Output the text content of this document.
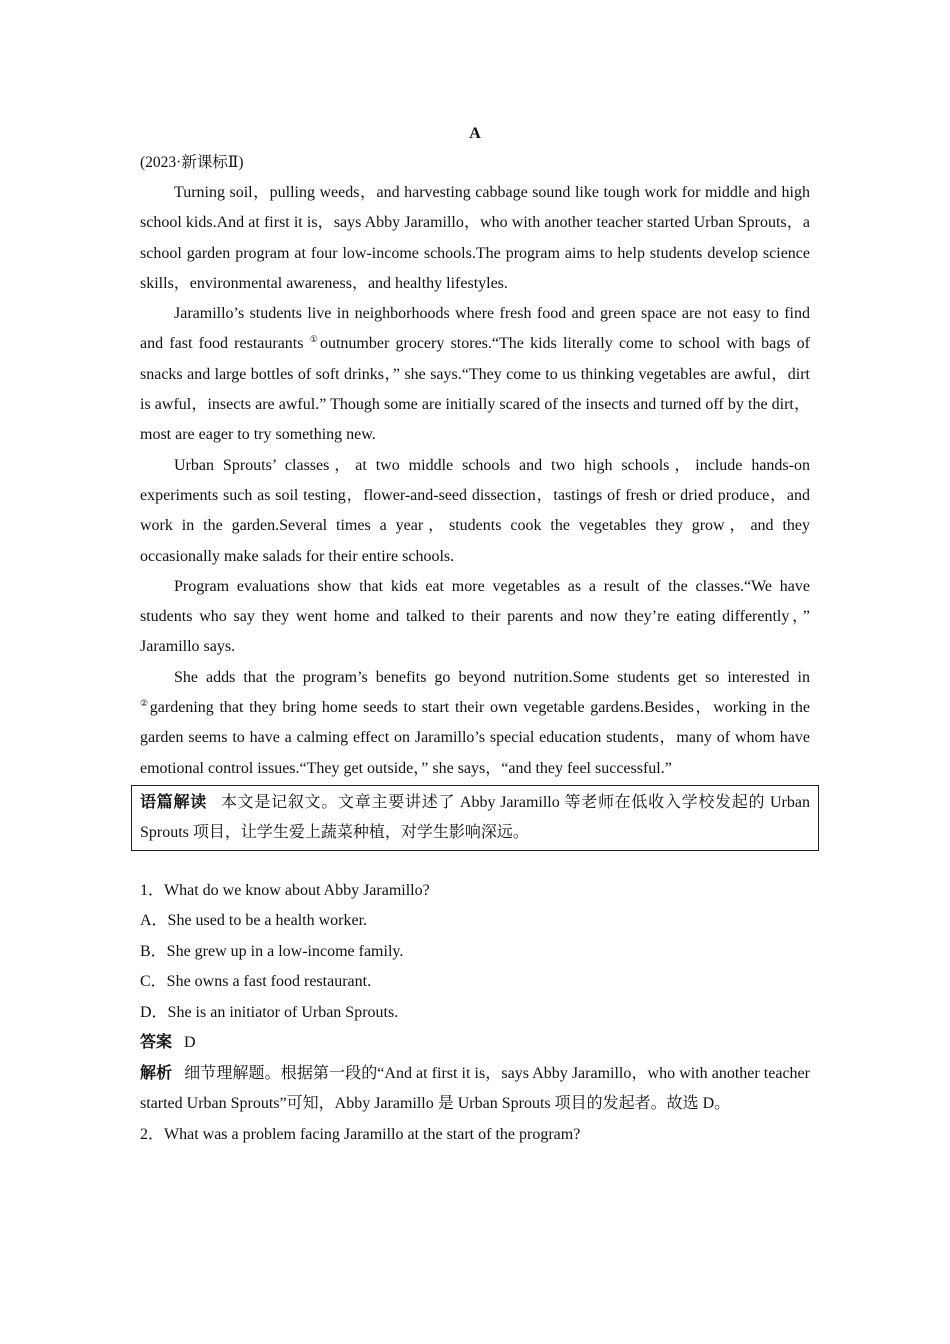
A
(2023·新课标Ⅱ)

Turning soil，pulling weeds，and harvesting cabbage sound like tough work for middle and high school kids.And at first it is，says Abby Jaramillo，who with another teacher started Urban Sprouts，a school garden program at four low-income schools.The program aims to help students develop science skills，environmental awareness，and healthy lifestyles.

Jaramillo’s students live in neighborhoods where fresh food and green space are not easy to find and fast food restaurants ①outnumber grocery stores.“The kids literally come to school with bags of snacks and large bottles of soft drinks，” she says.“They come to us thinking vegetables are awful，dirt is awful，insects are awful.” Though some are initially scared of the insects and turned off by the dirt，most are eager to try something new.

Urban Sprouts’ classes，at two middle schools and two high schools，include hands-on experiments such as soil testing，flower-and-seed dissection，tastings of fresh or dried produce，and work in the garden.Several times a year，students cook the vegetables they grow，and they occasionally make salads for their entire schools.

Program evaluations show that kids eat more vegetables as a result of the classes.“We have students who say they went home and talked to their parents and now they’re eating differently，” Jaramillo says.

She adds that the program’s benefits go beyond nutrition.Some students get so interested in ②gardening that they bring home seeds to start their own vegetable gardens.Besides，working in the garden seems to have a calming effect on Jaramillo’s special education students，many of whom have emotional control issues.“They get outside，” she says，“and they feel successful.”

语篇解读 本文是记叙文。文章主要讲述了 Abby Jaramillo 等老师在低收入学校发起的 Urban Sprouts 项目，让学生爱上蔬菜种植，对学生影响深远。
1．What do we know about Abby Jaramillo?
A．She used to be a health worker.
B．She grew up in a low-income family.
C．She owns a fast food restaurant.
D．She is an initiator of Urban Sprouts.
答案 D
解析 细节理解题。根据第一段的“And at first it is，says Abby Jaramillo，who with another teacher started Urban Sprouts”可知，Abby Jaramillo 是 Urban Sprouts 项目的发起者。故选 D。
2．What was a problem facing Jaramillo at the start of the program?
